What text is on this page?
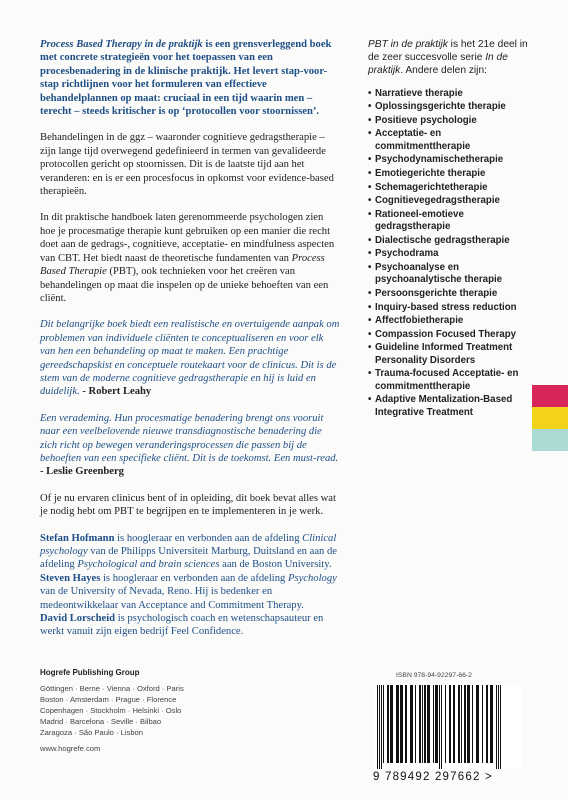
Process Based Therapy in de praktijk is een grensverleggend boek met concrete strategieën voor het toepassen van een procesbenadering in de klinische praktijk. Het levert stap-voor-stap richtlijnen voor het formuleren van effectieve behandelplannen op maat: cruciaal in een tijd waarin men – terecht – steeds kritischer is op ‘protocollen voor stoornissen’.

Behandelingen in de ggz – waaronder cognitieve gedragstherapie – zijn lange tijd overwegend gedefinieerd in termen van gevalideerde protocollen gericht op stoornissen. Dit is de laatste tijd aan het veranderen: en is er een procesfocus in opkomst voor evidence-based therapieën.

In dit praktische handboek laten gerenommeerde psychologen zien hoe je procesmatige therapie kunt gebruiken op een manier die recht doet aan de gedrags-, cognitieve, acceptatie- en mindfulness aspecten van CBT. Het biedt naast de theoretische fundamenten van Process Based Therapie (PBT), ook technieken voor het creëren van behandelingen op maat die inspelen op de unieke behoeften van een cliënt.

Dit belangrijke boek biedt een realistische en overtuigende aanpak om problemen van individuele cliënten te conceptualiseren en voor elk van hen een behandeling op maat te maken. Een prachtige gereedschapskist en conceptuele routekaart voor de clinicus. Dit is de stem van de moderne cognitieve gedragstherapie en hij is luid en duidelijk. - Robert Leahy

Een verademing. Hun procesmatige benadering brengt ons vooruit naar een veelbelovende nieuwe transdiagnostische benadering die zich richt op bewegen veranderingsprocessen die passen bij de behoeften van een specifieke cliënt. Dit is de toekomst. Een must-read. - Leslie Greenberg

Of je nu ervaren clinicus bent of in opleiding, dit boek bevat alles wat je nodig hebt om PBT te begrijpen en te implementeren in je werk.

Stefan Hofmann is hoogleraar en verbonden aan de afdeling Clinical psychology van de Philipps Universiteit Marburg, Duitsland en aan de afdeling Psychological and brain sciences aan de Boston University.

Steven Hayes is hoogleraar en verbonden aan de afdeling Psychology van de University of Nevada, Reno. Hij is bedenker en medeontwikkelaar van Acceptance and Commitment Therapy.

David Lorscheid is psychologisch coach en wetenschapsauteur en werkt vanuit zijn eigen bedrijf Feel Confidence.

PBT in de praktijk is het 21e deel in de zeer succesvolle serie In de praktijk. Andere delen zijn:

• Narratieve therapie
• Oplossingsgerichte therapie
• Positieve psychologie
• Acceptatie- en commitmenttherapie
• Psychodynamischetherapie
• Emotiegerichte therapie
• Schemagerichtetherapie
• Cognitievegedragstherapie
• Rationeel-emotieve gedragstherapie
• Dialectische gedragstherapie
• Psychodrama
• Psychoanalyse en psychoanalytische therapie
• Persoonsgerichte therapie
• Inquiry-based stress reduction
• Affectfobietherapie
• Compassion Focused Therapy
• Guideline Informed Treatment Personality Disorders
• Trauma-focused Acceptatie- en commitmenttherapie
• Adaptive Mentalization-Based Integrative Treatment
Hogrefe Publishing Group
Göttingen · Berne · Vienna · Oxford · Paris
Boston · Amsterdam · Prague · Florence
Copenhagen · Stockholm · Helsinki · Oslo
Madrid · Barcelona · Seville · Bilbao
Zaragoza · São Paulo · Lisbon
www.hogrefe.com
ISBN 978-94-92297-66-2
9 789492 297662 >
